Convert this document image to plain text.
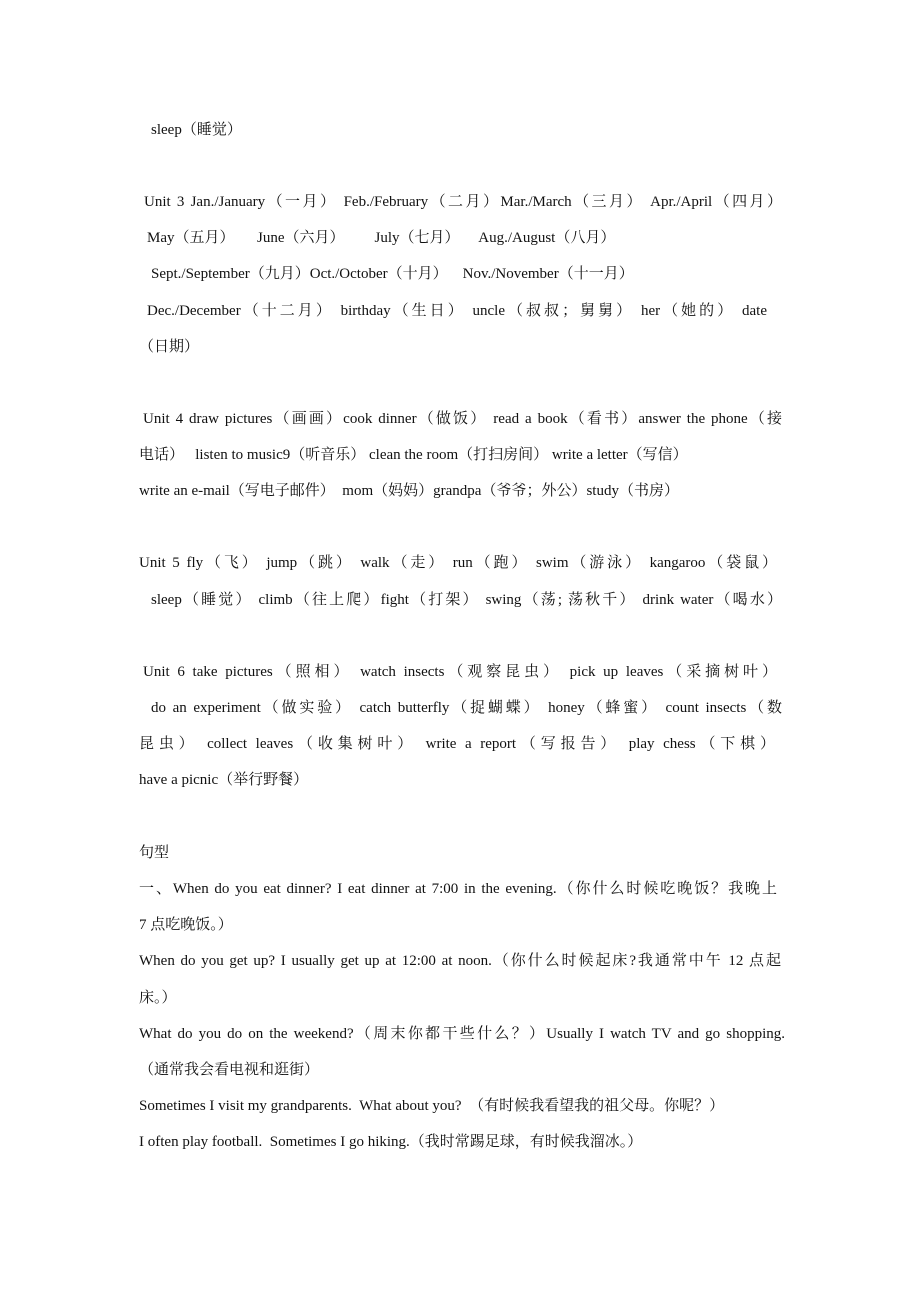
sleep（睡觉）
Unit 3 Jan./January（一月） Feb./February（二月）Mar./March（三月） Apr./April（四月）
May（五月）      June（六月）        July（七月）     Aug./August（八月）
Sept./September（九月）Oct./October（十月）    Nov./November（十一月）
Dec./December（十二月） birthday（生日） uncle（叔叔；舅舅） her（她的） date
（日期）
Unit 4 draw pictures（画画）cook dinner（做饭） read a book（看书）answer the phone（接
电话）   listen to music9（听音乐） clean the room（打扫房间） write a letter（写信）
write an e-mail（写电子邮件）  mom（妈妈）grandpa（爷爷；外公）study（书房）
Unit 5 fly（飞） jump（跳） walk（走） run（跑） swim（游泳） kangaroo（袋鼠）
sleep（睡觉） climb（往上爬）fight（打架） swing（荡; 荡秋千） drink water（喝水）
Unit 6 take pictures（照相） watch insects（观察昆虫） pick up leaves（采摘树叶）
do an experiment（做实验） catch butterfly（捉蝴蝶） honey（蜂蜜） count insects（数
昆虫） collect leaves（收集树叶） write a report（写报告） play chess（下棋）
have a picnic（举行野餐）
句型
一、When do you eat dinner? I eat dinner at 7:00 in the evening.（你什么时候吃晚饭？我晚上
7 点吃晚饭。）
When do you get up? I usually get up at 12:00 at noon.（你什么时候起床?我通常中午 12 点起
床。）
What do you do on the weekend?（周末你都干些什么？）Usually I watch TV and go shopping.
（通常我会看电视和逛街）
Sometimes I visit my grandparents.  What about you?  （有时候我看望我的祖父母。你呢？）
I often play football.  Sometimes I go hiking.（我时常踢足球，有时候我溜冰。）
